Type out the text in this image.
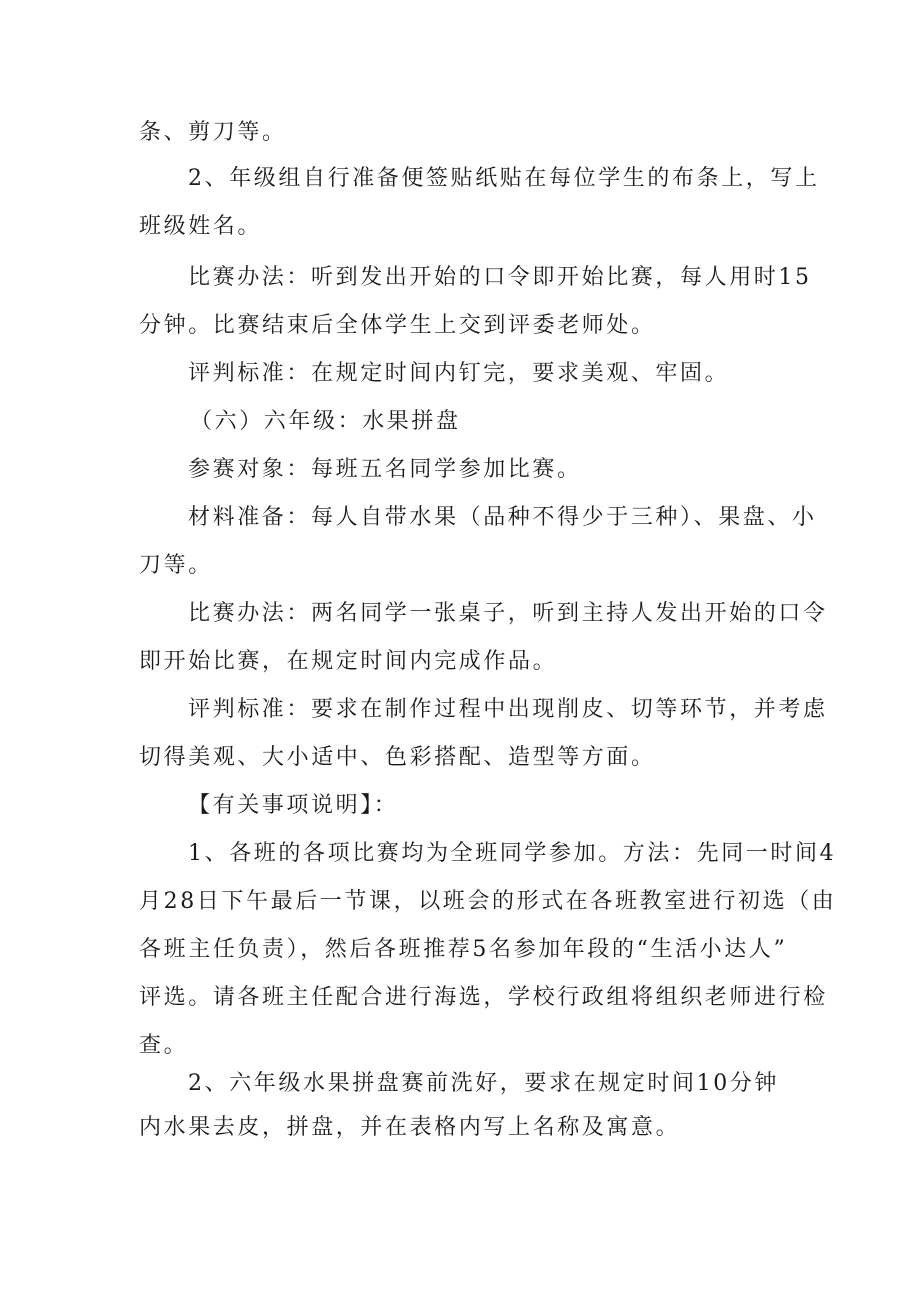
条、剪刀等。
2、年级组自行准备便签贴纸贴在每位学生的布条上，写上
班级姓名。
比赛办法：听到发出开始的口令即开始比赛，每人用时15
分钟。比赛结束后全体学生上交到评委老师处。
评判标准：在规定时间内钉完，要求美观、牢固。
（六）六年级：水果拼盘
参赛对象：每班五名同学参加比赛。
材料准备：每人自带水果（品种不得少于三种）、果盘、小
刀等。
比赛办法：两名同学一张桌子，听到主持人发出开始的口令
即开始比赛，在规定时间内完成作品。
评判标准：要求在制作过程中出现削皮、切等环节，并考虑
切得美观、大小适中、色彩搭配、造型等方面。
【有关事项说明】：
1、各班的各项比赛均为全班同学参加。方法：先同一时间4
月28日下午最后一节课，以班会的形式在各班教室进行初选（由
各班主任负责），然后各班推荐5名参加年段的“生活小达人”
评选。请各班主任配合进行海选，学校行政组将组织老师进行检
查。
2、六年级水果拼盘赛前洗好，要求在规定时间10分钟
内水果去皮，拼盘，并在表格内写上名称及寓意。
